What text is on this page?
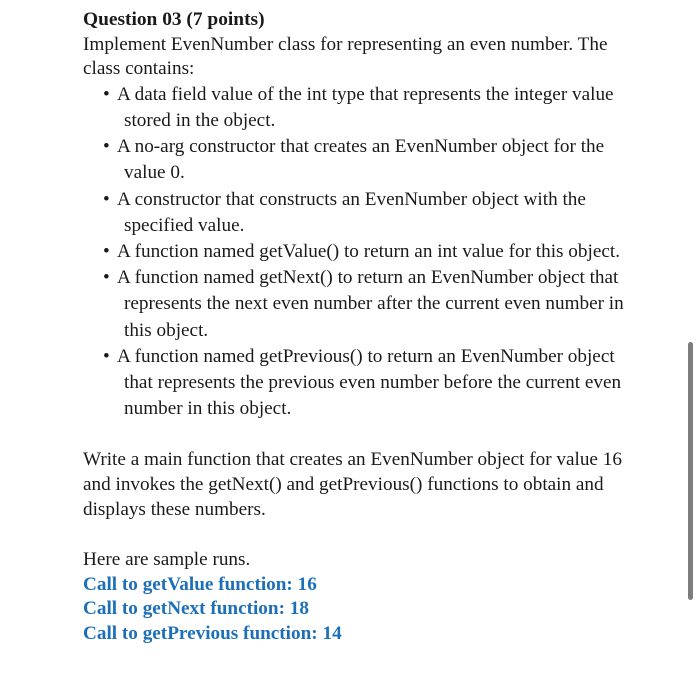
Question 03 (7 points)

Implement EvenNumber class for representing an even number. The class contains:

• A data field value of the int type that represents the integer value stored in the object.
• A no-arg constructor that creates an EvenNumber object for the value 0.
• A constructor that constructs an EvenNumber object with the specified value.
• A function named getValue() to return an int value for this object.
• A function named getNext() to return an EvenNumber object that represents the next even number after the current even number in this object.
• A function named getPrevious() to return an EvenNumber object that represents the previous even number before the current even number in this object.

Write a main function that creates an EvenNumber object for value 16 and invokes the getNext() and getPrevious() functions to obtain and displays these numbers.

Here are sample runs.

Call to getValue function: 16

Call to getNext function: 18

Call to getPrevious function: 14
